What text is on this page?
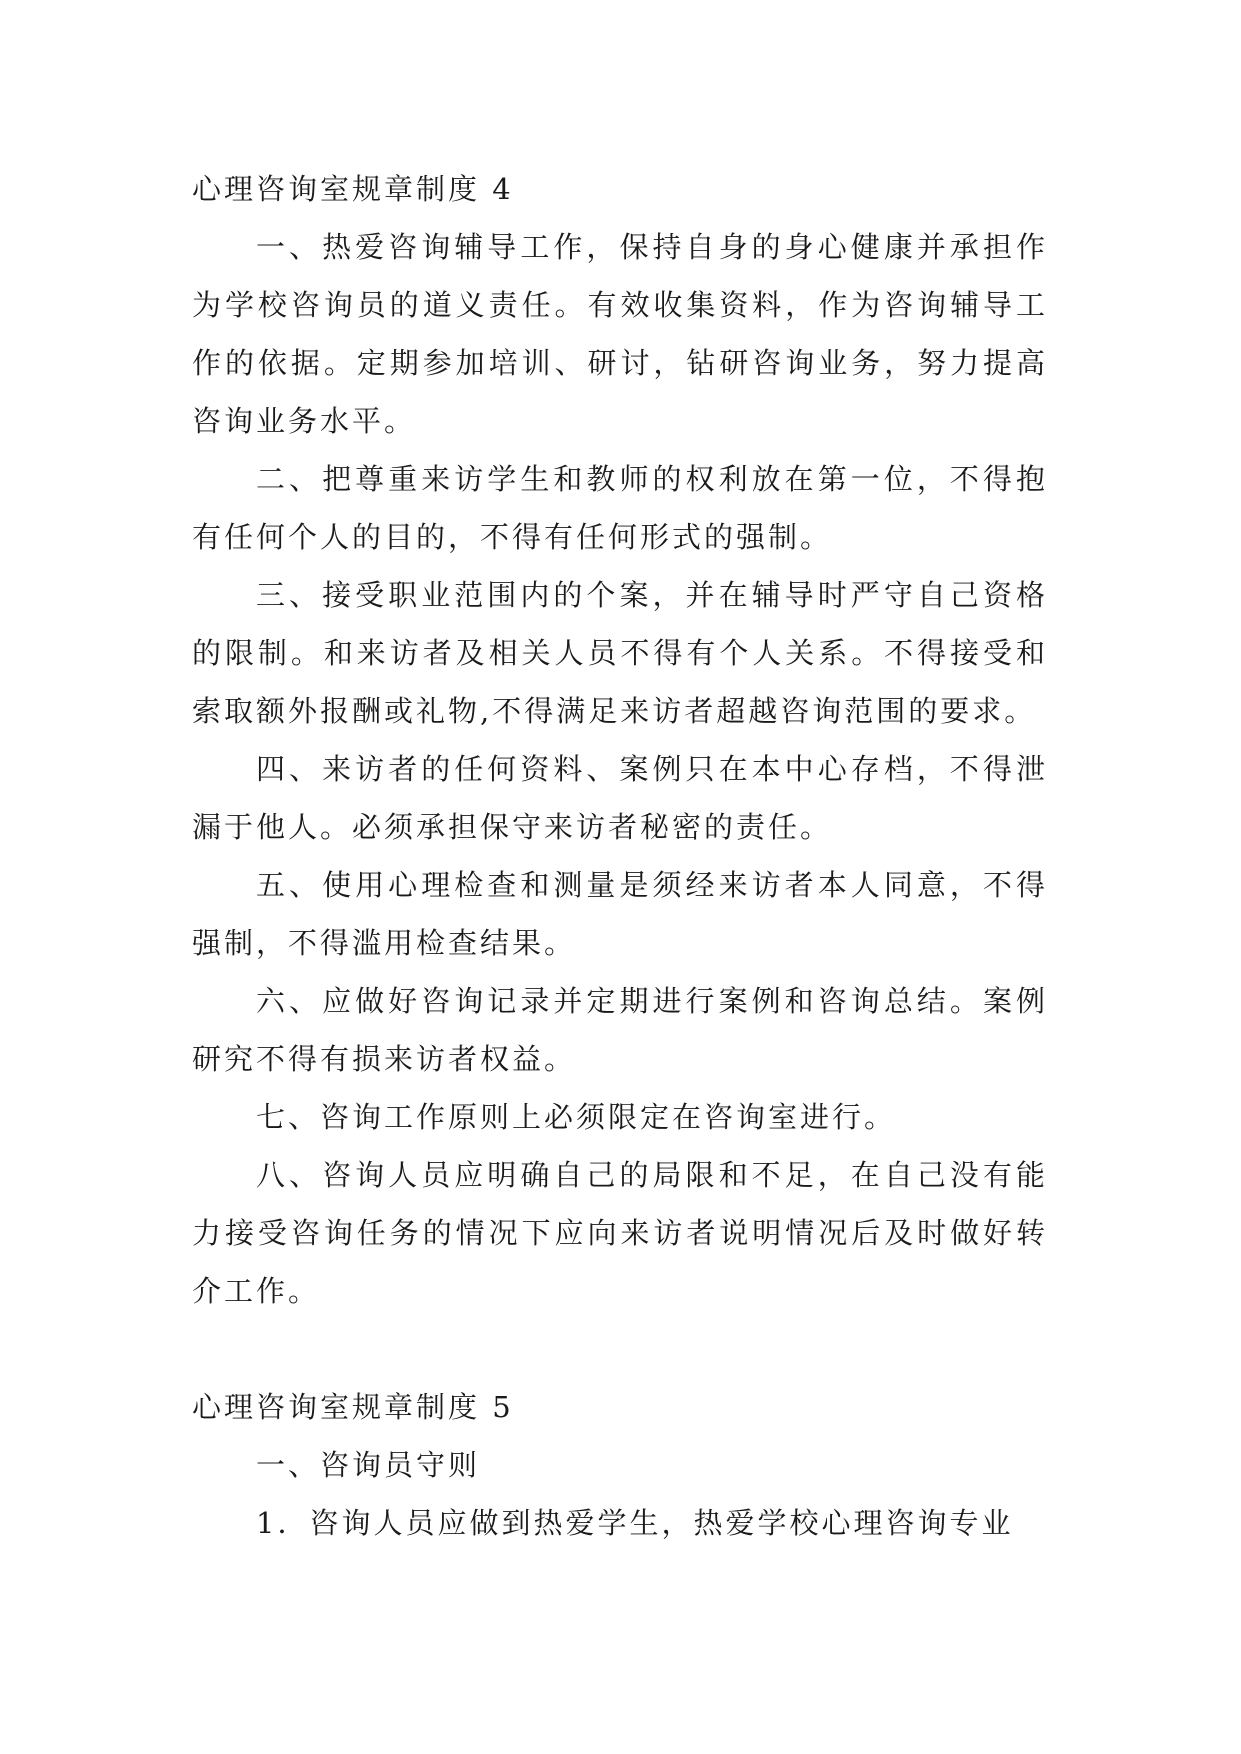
心理咨询室规章制度 4

一、热爱咨询辅导工作，保持自身的身心健康并承担作为学校咨询员的道义责任。有效收集资料，作为咨询辅导工作的依据。定期参加培训、研讨，钻研咨询业务，努力提高咨询业务水平。

二、把尊重来访学生和教师的权利放在第一位，不得抱有任何个人的目的，不得有任何形式的强制。

三、接受职业范围内的个案，并在辅导时严守自己资格的限制。和来访者及相关人员不得有个人关系。不得接受和索取额外报酬或礼物,不得满足来访者超越咨询范围的要求。

四、来访者的任何资料、案例只在本中心存档，不得泄漏于他人。必须承担保守来访者秘密的责任。

五、使用心理检查和测量是须经来访者本人同意，不得强制，不得滥用检查结果。

六、应做好咨询记录并定期进行案例和咨询总结。案例研究不得有损来访者权益。

七、咨询工作原则上必须限定在咨询室进行。

八、咨询人员应明确自己的局限和不足，在自己没有能力接受咨询任务的情况下应向来访者说明情况后及时做好转介工作。

心理咨询室规章制度 5

一、咨询员守则

1．咨询人员应做到热爱学生，热爱学校心理咨询专业
